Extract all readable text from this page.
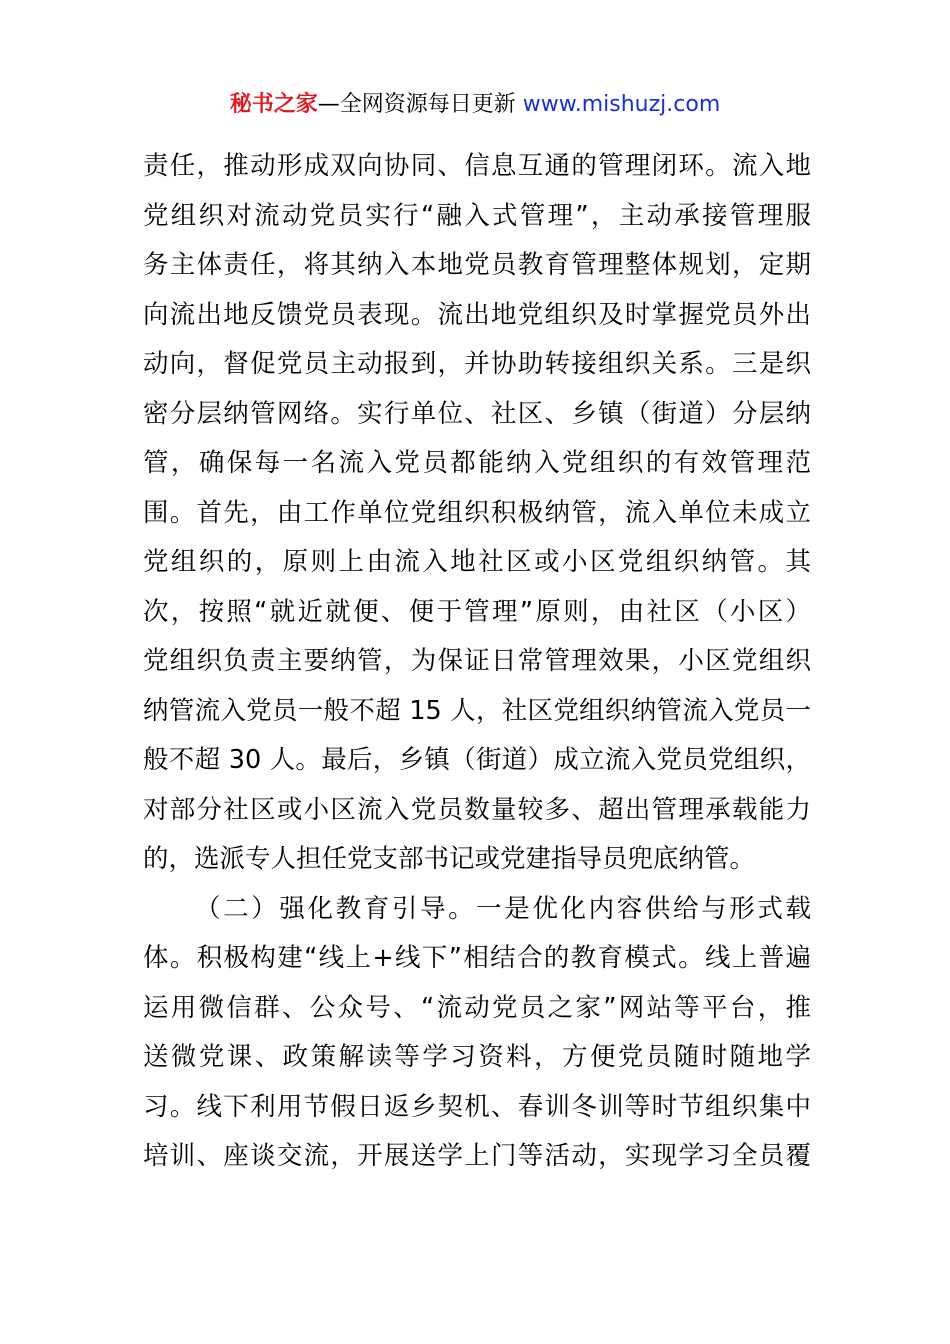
秘书之家—全网资源每日更新 www.mishuzj.com
责任，推动形成双向协同、信息互通的管理闭环。流入地
党组织对流动党员实行“融入式管理”，主动承接管理服
务主体责任，将其纳入本地党员教育管理整体规划，定期
向流出地反馈党员表现。流出地党组织及时掌握党员外出
动向，督促党员主动报到，并协助转接组织关系。三是织
密分层纳管网络。实行单位、社区、乡镇（街道）分层纳
管，确保每一名流入党员都能纳入党组织的有效管理范
围。首先，由工作单位党组织积极纳管，流入单位未成立
党组织的，原则上由流入地社区或小区党组织纳管。其
次，按照“就近就便、便于管理”原则，由社区（小区）
党组织负责主要纳管，为保证日常管理效果，小区党组织
纳管流入党员一般不超 15 人，社区党组织纳管流入党员一
般不超 30 人。最后，乡镇（街道）成立流入党员党组织，
对部分社区或小区流入党员数量较多、超出管理承载能力
的，选派专人担任党支部书记或党建指导员兜底纳管。
（二）强化教育引导。一是优化内容供给与形式载
体。积极构建“线上+线下”相结合的教育模式。线上普遍
运用微信群、公众号、“流动党员之家”网站等平台，推
送微党课、政策解读等学习资料，方便党员随时随地学
习。线下利用节假日返乡契机、春训冬训等时节组织集中
培训、座谈交流，开展送学上门等活动，实现学习全员覆
